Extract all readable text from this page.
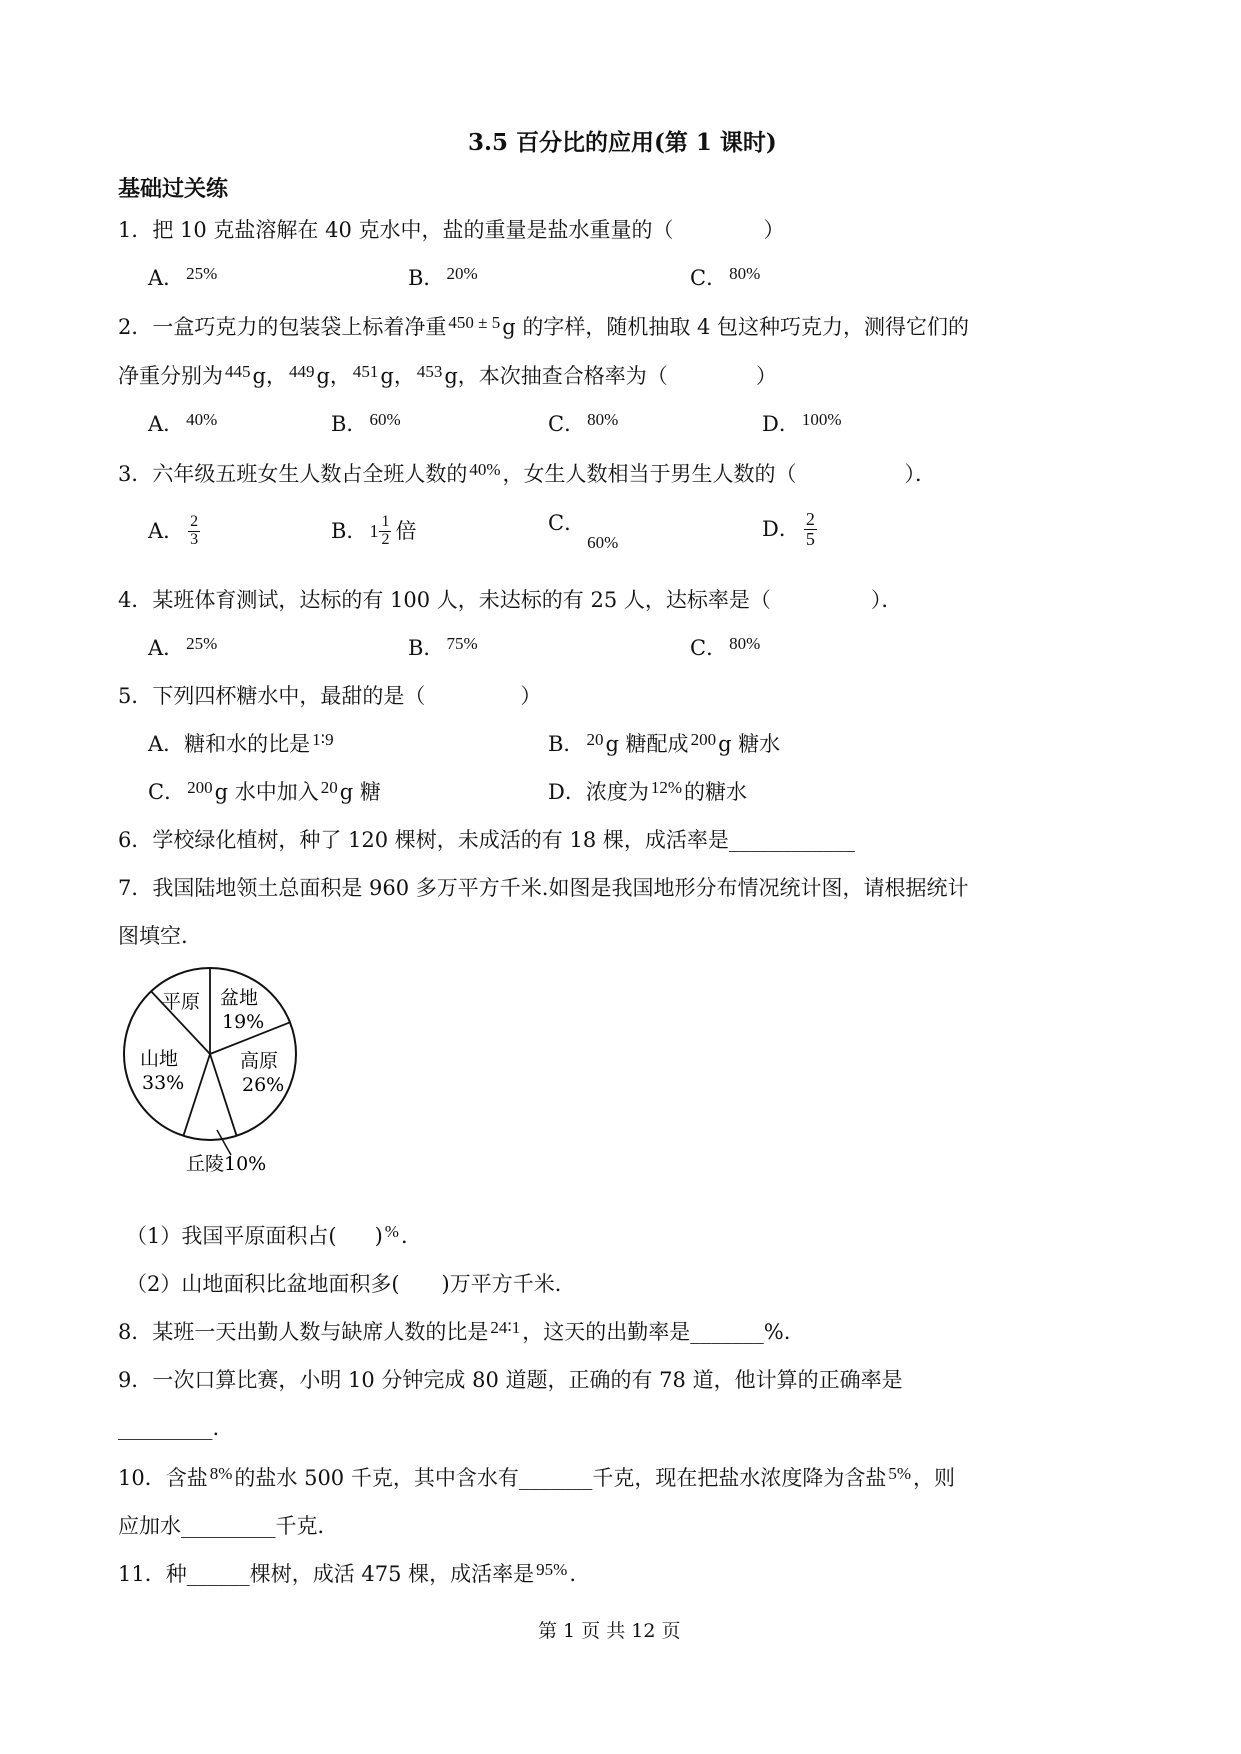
3.5 百分比的应用(第 1 课时)
基础过关练
1．把 10 克盐溶解在 40 克水中，盐的重量是盐水重量的（	）
A． $^{25\%}$	B． $^{20\%}$	C． $^{80\%}$
2．一盒巧克力的包装袋上标着净重 $^{450 \pm 5}$g 的字样，随机抽取 4 包这种巧克力，测得它们的
净重分别为 $^{445}$g， $^{449}$g， $^{451}$g， $^{453}$g，本次抽查合格率为（	）
A． $^{40\%}$	B． $^{60\%}$	C． $^{80\%}$	D． $^{100\%}$
3．六年级五班女生人数占全班人数的 $^{40\%}$，女生人数相当于男生人数的（	）．
A． $\frac{2}{3}$	B． $1 \frac{1}{2}$ 倍	C．$_{60\%}$
D． $\frac{2}{5}$
4．某班体育测试，达标的有 100 人，未达标的有 25 人，达标率是（	）．
A． $^{25\%}$	B． $^{75\%}$	C． $^{80\%}$
5．下列四杯糖水中，最甜的是（	）
A．糖和水的比是 $^{1∶9}$	B． $^{20}$g 糖配成 $^{200}$g 糖水
C． $^{200}$g 水中加入 $^{20}$g 糖	D．浓度为 $^{12\%}$的糖水
6．学校绿化植树，种了 120 棵树，未成活的有 18 棵，成活率是____________
7．我国陆地领土总面积是 960 多万平方千米.如图是我国地形分布情况统计图，请根据统计
图填空.
平原 盆地
19%
高原
26%
山地
33%
丘陵10%
（1）我国平原面积占( ) %．
（2）山地面积比盆地面积多(　　)万平方千米．
8．某班一天出勤人数与缺席人数的比是 $^{24∶1}$，这天的出勤率是_______%.
9．一次口算比赛，小明 10 分钟完成 80 道题，正确的有 78 道，他计算的正确率是
_________.
10．含盐 $^{8\%}$的盐水 500 千克，其中含水有_______千克，现在把盐水浓度降为含盐 $^{5\%}$，则
应加水_________千克．
11．种______棵树，成活 475 棵，成活率是 $^{95\%}$.
第 1 页 共 12 页
